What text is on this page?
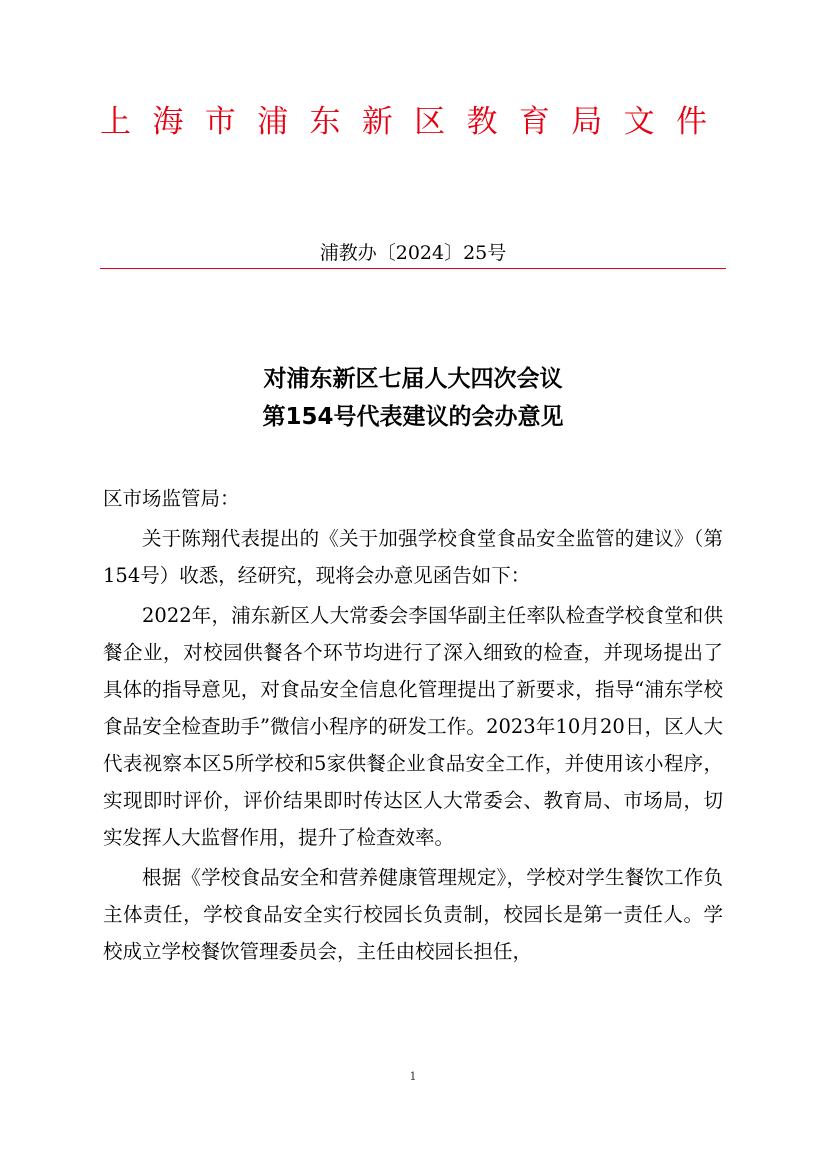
上海市浦东新区教育局文件
浦教办〔2024〕25号
对浦东新区七届人大四次会议
第154号代表建议的会办意见

区市场监管局：

关于陈翔代表提出的《关于加强学校食堂食品安全监管的建议》（第154号）收悉，经研究，现将会办意见函告如下：

2022年，浦东新区人大常委会李国华副主任率队检查学校食堂和供餐企业，对校园供餐各个环节均进行了深入细致的检查，并现场提出了具体的指导意见，对食品安全信息化管理提出了新要求，指导“浦东学校食品安全检查助手”微信小程序的研发工作。2023年10月20日，区人大代表视察本区5所学校和5家供餐企业食品安全工作，并使用该小程序，实现即时评价，评价结果即时传达区人大常委会、教育局、市场局，切实发挥人大监督作用，提升了检查效率。

根据《学校食品安全和营养健康管理规定》，学校对学生餐饮工作负主体责任，学校食品安全实行校园长负责制，校园长是第一责任人。学校成立学校餐饮管理委员会，主任由校园长担任，

1
